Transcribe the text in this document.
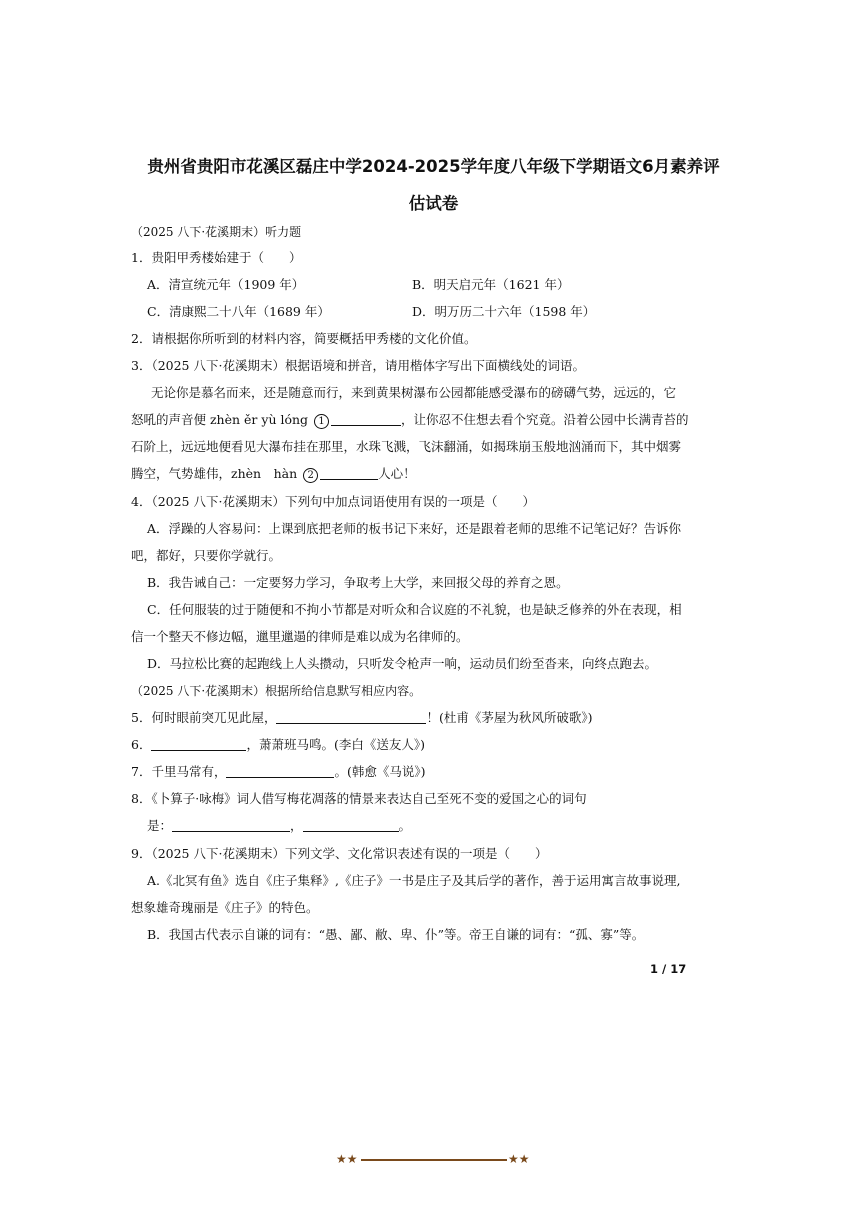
贵州省贵阳市花溪区磊庄中学2024-2025学年度八年级下学期语文6月素养评
估试卷
（2025 八下·花溪期末）听力题
1．贵阳甲秀楼始建于（　　）
A．清宣统元年（1909 年）	B．明天启元年（1621 年）
C．清康熙二十八年（1689 年）	D．明万历二十六年（1598 年）
2．请根据你所听到的材料内容，简要概括甲秀楼的文化价值。
3．（2025 八下·花溪期末）根据语境和拼音，请用楷体字写出下面横线处的词语。
无论你是慕名而来，还是随意而行，来到黄果树瀑布公园都能感受瀑布的磅礴气势，远远的，它
怒吼的声音便 zhèn ěr yù lóng 1	，让你忍不住想去看个究竟。沿着公园中长满青苔的
石阶上，远远地便看见大瀑布挂在那里，水珠飞溅，飞沫翻涌，如揭珠崩玉般地汹涌而下，其中烟雾
腾空，气势雄伟，zhèn　hàn 2	人心！
4．（2025 八下·花溪期末）下列句中加点词语使用有误的一项是（　　）
A．浮躁的人容易问：上课到底把老师的板书记下来好，还是跟着老师的思维不记笔记好？告诉你
吧，都好，只要你学就行。
B．我告诫自己：一定要努力学习，争取考上大学，来回报父母的养育之恩。
C．任何服装的过于随便和不拘小节都是对听众和合议庭的不礼貌，也是缺乏修养的外在表现，相
信一个整天不修边幅，邋里邋遢的律师是难以成为名律师的。
D．马拉松比赛的起跑线上人头攒动，只听发令枪声一响，运动员们纷至沓来，向终点跑去。
（2025 八下·花溪期末）根据所给信息默写相应内容。
5．何时眼前突兀见此屋，	！(杜甫《茅屋为秋风所破歌》)
6．	，萧萧班马鸣。(李白《送友人》)
7．千里马常有，	。(韩愈《马说》)
8．《卜算子·咏梅》词人借写梅花凋落的情景来表达自己至死不变的爱国之心的词句
是：	，	。
9．（2025 八下·花溪期末）下列文学、文化常识表述有误的一项是（　　）
A.《北冥有鱼》选自《庄子集释》,《庄子》一书是庄子及其后学的著作，善于运用寓言故事说理,
想象雄奇瑰丽是《庄子》的特色。
B．我国古代表示自谦的词有：“愚、鄙、敝、卑、仆”等。帝王自谦的词有：“孤、寡”等。
1 / 17
★★	★★
